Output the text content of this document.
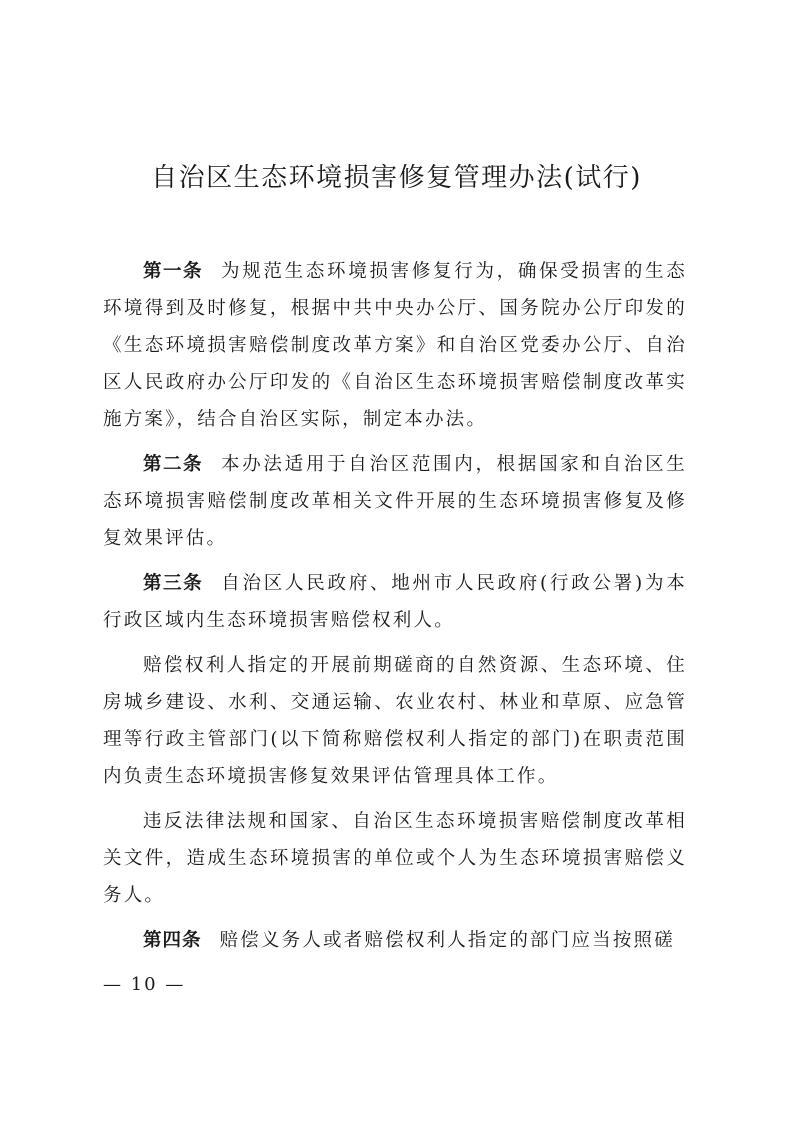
自治区生态环境损害修复管理办法(试行)

第一条 为规范生态环境损害修复行为，确保受损害的生态环境得到及时修复，根据中共中央办公厅、国务院办公厅印发的《生态环境损害赔偿制度改革方案》和自治区党委办公厅、自治区人民政府办公厅印发的《自治区生态环境损害赔偿制度改革实施方案》，结合自治区实际，制定本办法。

第二条 本办法适用于自治区范围内，根据国家和自治区生态环境损害赔偿制度改革相关文件开展的生态环境损害修复及修复效果评估。

第三条 自治区人民政府、地州市人民政府(行政公署)为本行政区域内生态环境损害赔偿权利人。

赔偿权利人指定的开展前期磋商的自然资源、生态环境、住房城乡建设、水利、交通运输、农业农村、林业和草原、应急管理等行政主管部门(以下简称赔偿权利人指定的部门)在职责范围内负责生态环境损害修复效果评估管理具体工作。

违反法律法规和国家、自治区生态环境损害赔偿制度改革相关文件，造成生态环境损害的单位或个人为生态环境损害赔偿义务人。

第四条 赔偿义务人或者赔偿权利人指定的部门应当按照磋

— 10 —
